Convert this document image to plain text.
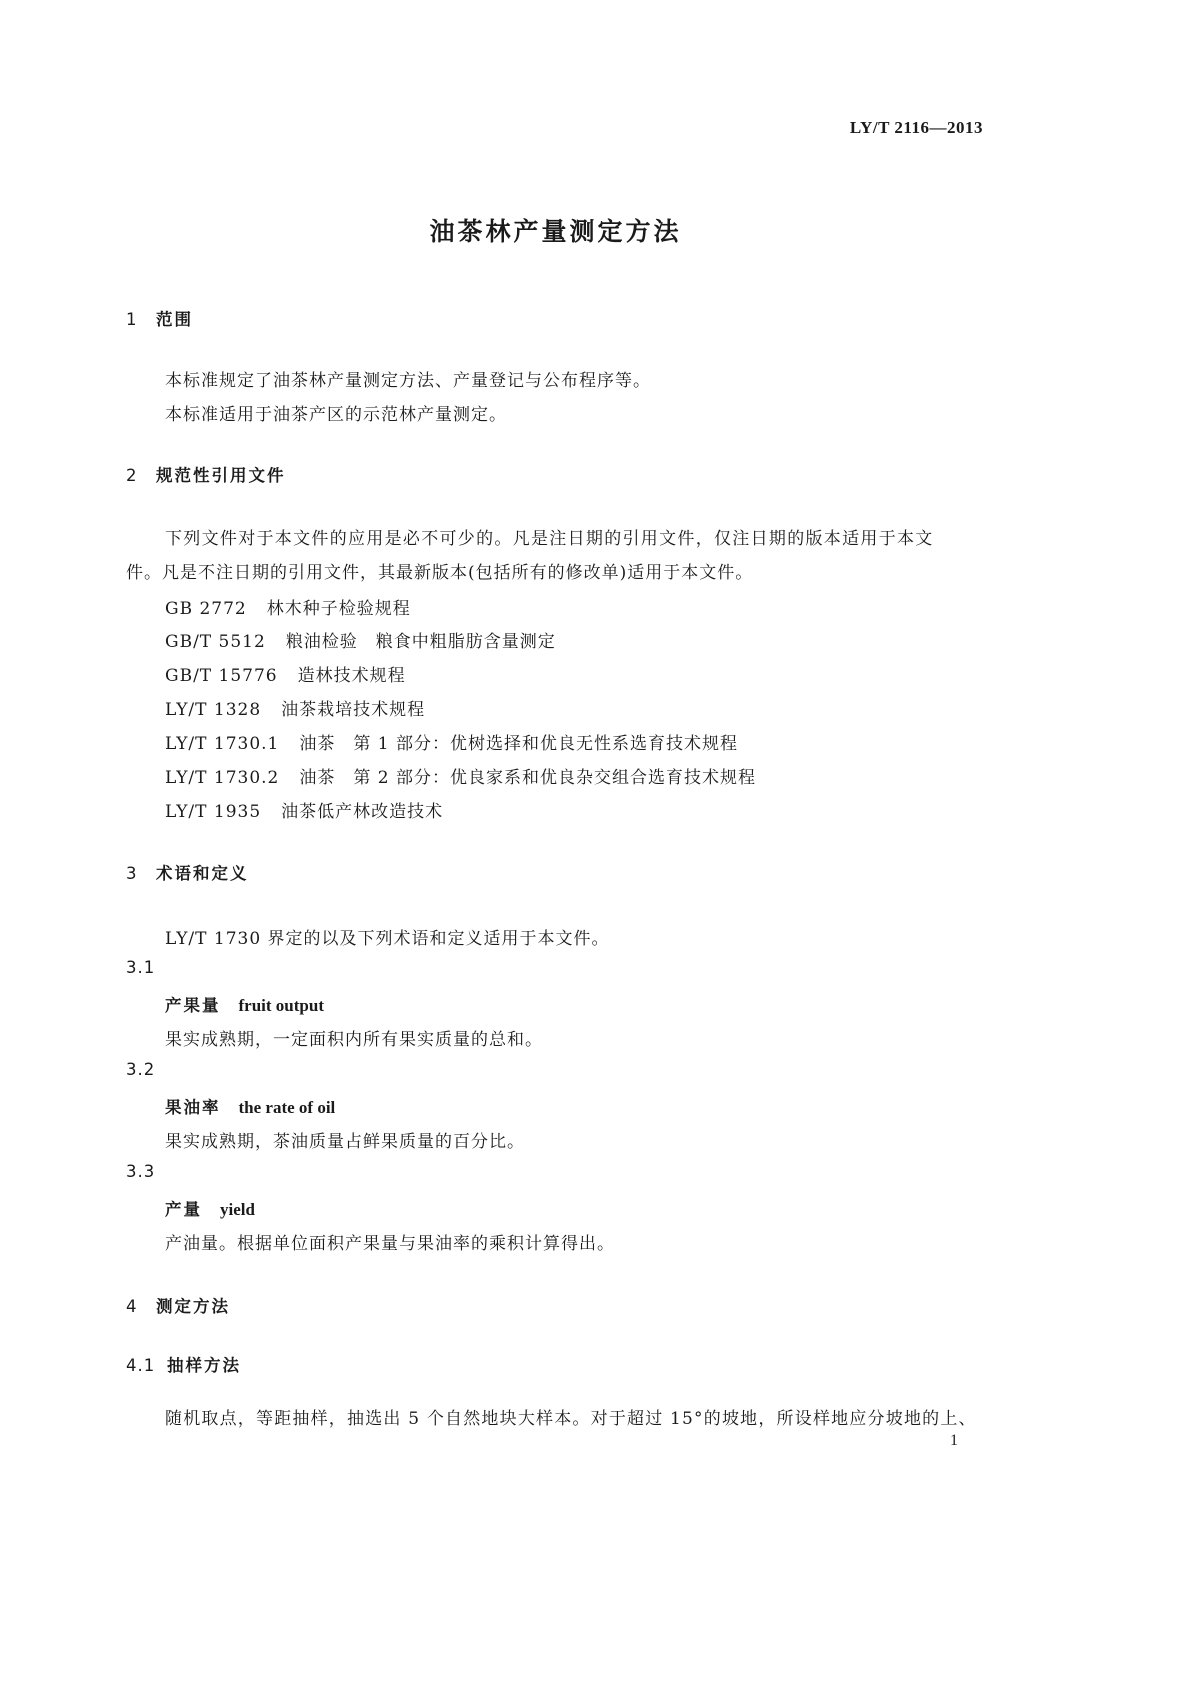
LY/T 2116—2013
油茶林产量测定方法
1 范围
本标准规定了油茶林产量测定方法、产量登记与公布程序等。
本标准适用于油茶产区的示范林产量测定。
2 规范性引用文件
下列文件对于本文件的应用是必不可少的。凡是注日期的引用文件，仅注日期的版本适用于本文
件。凡是不注日期的引用文件，其最新版本(包括所有的修改单)适用于本文件。
GB 2772 林木种子检验规程
GB/T 5512 粮油检验　粮食中粗脂肪含量测定
GB/T 15776 造林技术规程
LY/T 1328 油茶栽培技术规程
LY/T 1730.1 油茶　第 1 部分：优树选择和优良无性系选育技术规程
LY/T 1730.2 油茶　第 2 部分：优良家系和优良杂交组合选育技术规程
LY/T 1935 油茶低产林改造技术
3 术语和定义
LY/T 1730 界定的以及下列术语和定义适用于本文件。
3.1
产果量 fruit output
果实成熟期，一定面积内所有果实质量的总和。
3.2
果油率 the rate of oil
果实成熟期，茶油质量占鲜果质量的百分比。
3.3
产量 yield
产油量。根据单位面积产果量与果油率的乘积计算得出。
4 测定方法
4.1 抽样方法
随机取点，等距抽样，抽选出 5 个自然地块大样本。对于超过 15°的坡地，所设样地应分坡地的上、
1
